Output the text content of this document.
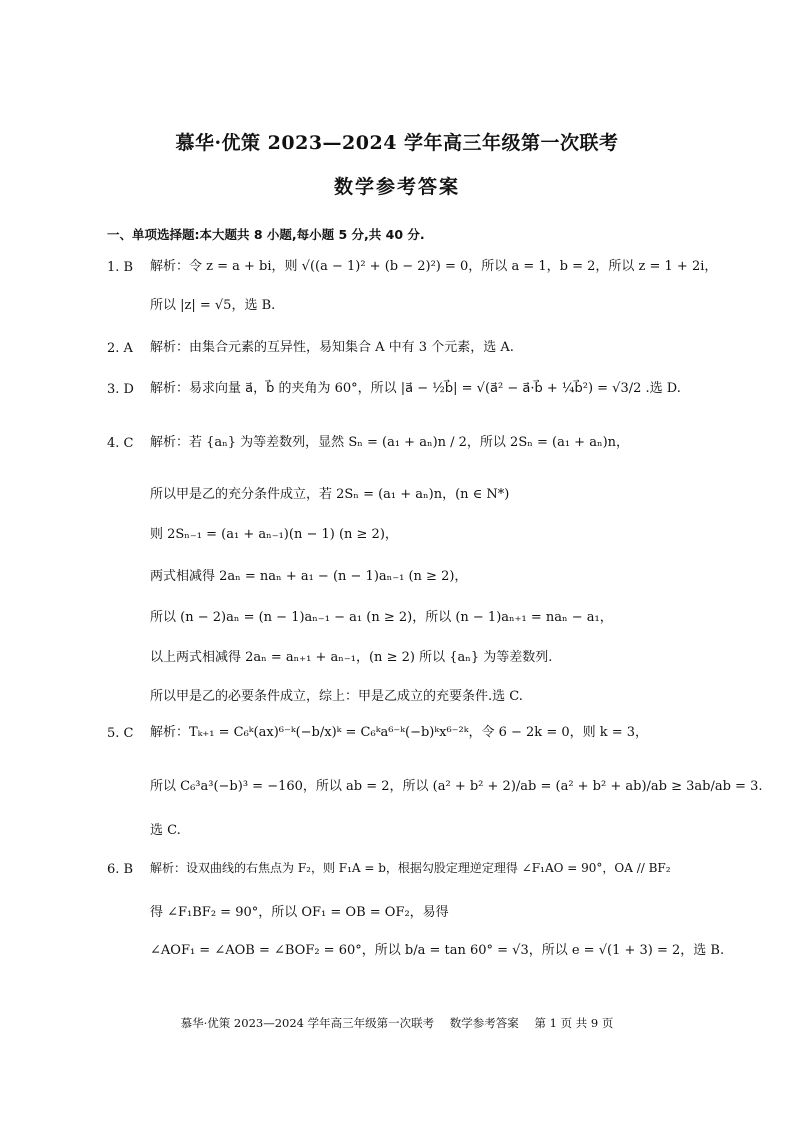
慕华·优策 2023—2024 学年高三年级第一次联考
数学参考答案
一、单项选择题:本大题共 8 小题,每小题 5 分,共 40 分.
1. B 解析：令 z = a + bi，则 √((a − 1)² + (b − 2)²) = 0，所以 a = 1，b = 2，所以 z = 1 + 2i，
所以 |z| = √5，选 B.
2. A 解析：由集合元素的互异性，易知集合 A 中有 3 个元素，选 A.
3. D 解析：易求向量 a⃗，b⃗ 的夹角为 60°，所以 |a⃗ − ½b⃗| = √(a⃗² − a⃗·b⃗ + ¼b⃗²) = √3/2 .选 D.
4. C 解析：若 {aₙ} 为等差数列，显然 Sₙ = (a₁ + aₙ)n / 2，所以 2Sₙ = (a₁ + aₙ)n，
所以甲是乙的充分条件成立，若 2Sₙ = (a₁ + aₙ)n，(n ∈ N*)
则 2Sₙ₋₁ = (a₁ + aₙ₋₁)(n − 1) (n ≥ 2)，
两式相减得 2aₙ = naₙ + a₁ − (n − 1)aₙ₋₁ (n ≥ 2)，
所以 (n − 2)aₙ = (n − 1)aₙ₋₁ − a₁ (n ≥ 2)，所以 (n − 1)aₙ₊₁ = naₙ − a₁，
以上两式相减得 2aₙ = aₙ₊₁ + aₙ₋₁，(n ≥ 2) 所以 {aₙ} 为等差数列.
所以甲是乙的必要条件成立，综上：甲是乙成立的充要条件.选 C.
5. C 解析：Tₖ₊₁ = C₆ᵏ(ax)⁶⁻ᵏ(−b/x)ᵏ = C₆ᵏa⁶⁻ᵏ(−b)ᵏx⁶⁻²ᵏ，令 6 − 2k = 0，则 k = 3，
所以 C₆³a³(−b)³ = −160，所以 ab = 2，所以 (a² + b² + 2)/ab = (a² + b² + ab)/ab ≥ 3ab/ab = 3.
选 C.
6. B 解析：设双曲线的右焦点为 F₂，则 F₁A = b，根据勾股定理逆定理得 ∠F₁AO = 90°，OA // BF₂
得 ∠F₁BF₂ = 90°，所以 OF₁ = OB = OF₂，易得
∠AOF₁ = ∠AOB = ∠BOF₂ = 60°，所以 b/a = tan 60° = √3，所以 e = √(1 + 3) = 2，选 B.
慕华·优策 2023—2024 学年高三年级第一次联考 数学参考答案 第 1 页 共 9 页
